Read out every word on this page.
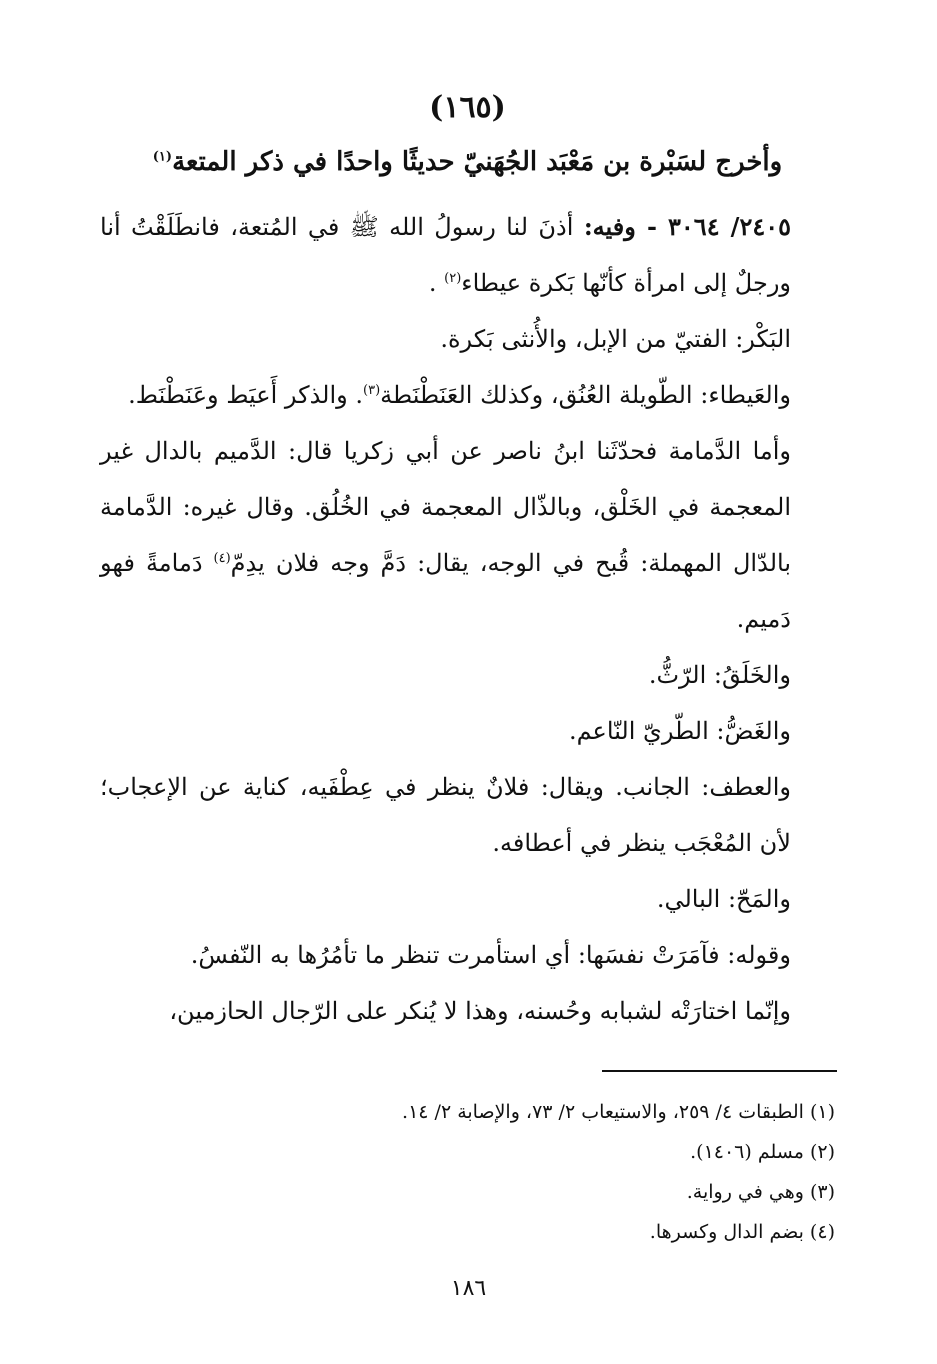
(١٦٥)
وأخرج لسَبْرة بن مَعْبَد الجُهَنيّ حديثًا واحدًا في ذكر المتعة$^{(١)}$

٢٤٠٥/ ٣٠٦٤ - وفيه: أذنَ لنا رسولُ الله ﷺ في المُتعة، فانطَلَقْتُ أنا ورجلٌ إلى امرأة كأنّها بَكرة عيطاء$^{(٢)}$ .

البَكْر: الفتيّ من الإبل، والأُنثى بَكرة.

والعَيطاء: الطّويلة العُنُق، وكذلك العَنَطْنَطة$^{(٣)}$. والذكر أَعيَط وعَنَطْنَط.

وأما الدَّمامة فحدّثَنا ابنُ ناصر عن أبي زكريا قال: الدَّميم بالدال غير المعجمة في الخَلْق، وبالذّال المعجمة في الخُلُق. وقال غيره: الدَّمامة بالدّال المهملة: قُبح في الوجه، يقال: دَمَّ وجه فلان يدِمّ$^{(٤)}$ دَمامةً فهو دَميم.

والخَلَقُ: الرّثُّ.

والغَضُّ: الطّريّ النّاعم.

والعطف: الجانب. ويقال: فلانٌ ينظر في عِطْفَيه، كناية عن الإعجاب؛ لأن المُعْجَب ينظر في أعطافه.

والمَحّ: البالي.

وقوله: فآمَرَتْ نفسَها: أي استأمرت تنظر ما تأمُرُها به النّفسُ.

وإنّما اختارَتْه لشبابه وحُسنه، وهذا لا يُنكر على الرّجال الحازمين،

(١) الطبقات ٤/ ٢٥٩، والاستيعاب ٢/ ٧٣، والإصابة ٢/ ١٤.

(٢) مسلم (١٤٠٦).

(٣) وهي في رواية.

(٤) بضم الدال وكسرها.

١٨٦
